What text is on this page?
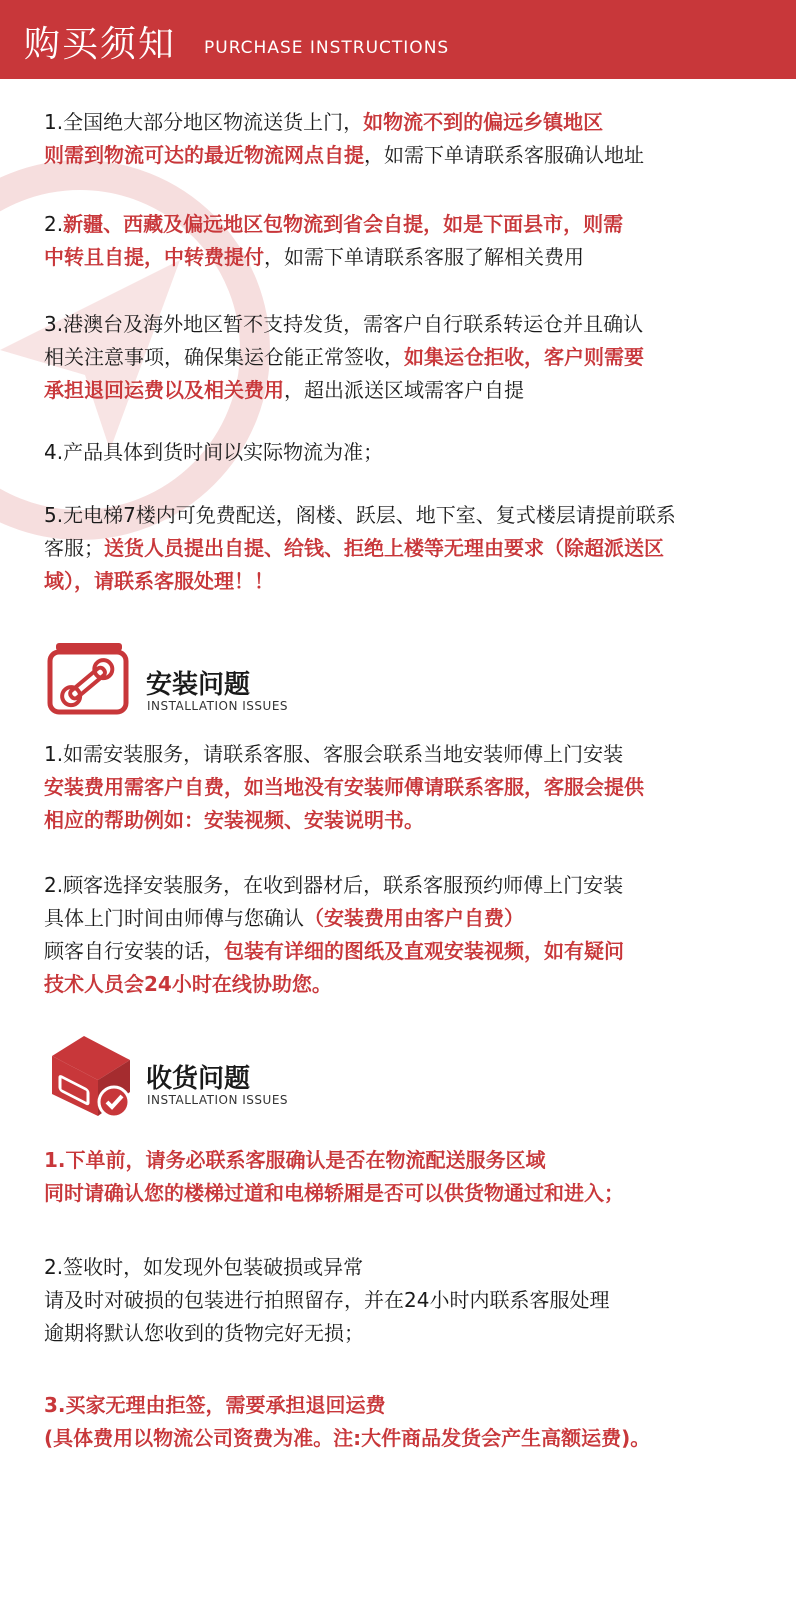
购买须知 PURCHASE INSTRUCTIONS
1.全国绝大部分地区物流送货上门，如物流不到的偏远乡镇地区
则需到物流可达的最近物流网点自提，如需下单请联系客服确认地址
2.新疆、西藏及偏远地区包物流到省会自提，如是下面县市，则需
中转且自提，中转费提付，如需下单请联系客服了解相关费用
3.港澳台及海外地区暂不支持发货，需客户自行联系转运仓并且确认
相关注意事项，确保集运仓能正常签收，如集运仓拒收，客户则需要
承担退回运费以及相关费用，超出派送区域需客户自提
4.产品具体到货时间以实际物流为准；
5.无电梯7楼内可免费配送，阁楼、跃层、地下室、复式楼层请提前联系
客服；送货人员提出自提、给钱、拒绝上楼等无理由要求（除超派送区
域），请联系客服处理！！
安装问题
INSTALLATION ISSUES
1.如需安装服务，请联系客服、客服会联系当地安装师傅上门安装
安装费用需客户自费，如当地没有安装师傅请联系客服，客服会提供
相应的帮助例如：安装视频、安装说明书。
2.顾客选择安装服务，在收到器材后，联系客服预约师傅上门安装
具体上门时间由师傅与您确认（安装费用由客户自费）
顾客自行安装的话，包装有详细的图纸及直观安装视频，如有疑问
技术人员会24小时在线协助您。
收货问题
INSTALLATION ISSUES
1.下单前，请务必联系客服确认是否在物流配送服务区域
同时请确认您的楼梯过道和电梯轿厢是否可以供货物通过和进入；
2.签收时，如发现外包装破损或异常
请及时对破损的包装进行拍照留存，并在24小时内联系客服处理
逾期将默认您收到的货物完好无损；
3.买家无理由拒签，需要承担退回运费
(具体费用以物流公司资费为准。注:大件商品发货会产生高额运费)。
